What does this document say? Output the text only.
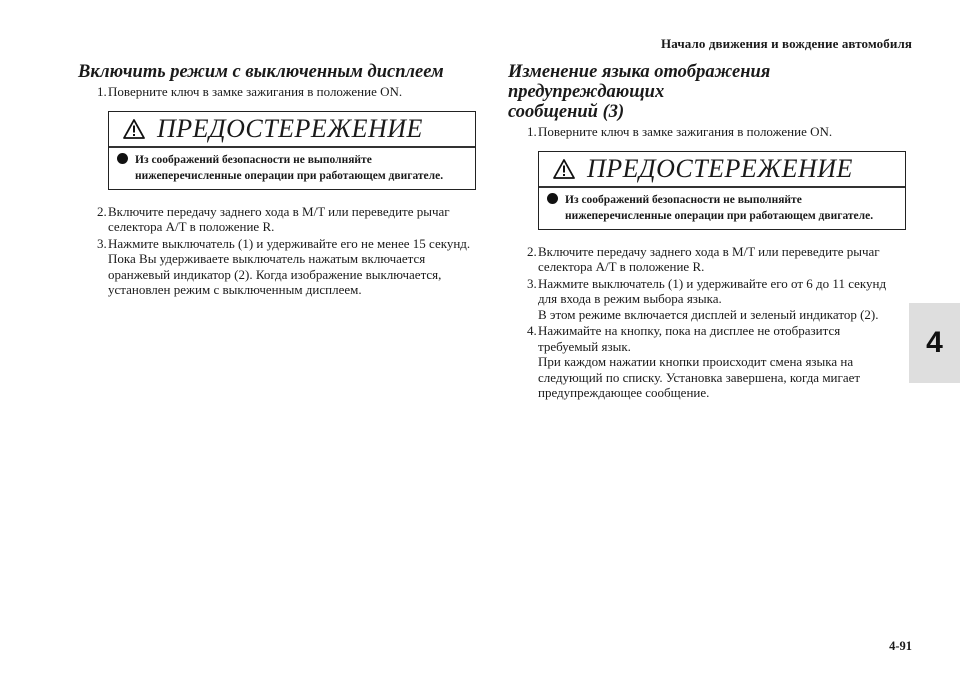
Начало движения и вождение автомобиля
4
4-91
Включить режим с выключенным дисплеем

1. Поверните ключ в замке зажигания в положение ON.

ПРЕДОСТЕРЕЖЕНИЕ
Из соображений безопасности не выполняйте
нижеперечисленные операции при работающем двигателе.

2. Включите передачу заднего хода в M/T или переведите рычаг
селектора A/T в положение R.

3. Нажмите выключатель (1) и удерживайте его не менее 15 секунд.
Пока Вы удерживаете выключатель нажатым включается
оранжевый индикатор (2). Когда изображение выключается,
установлен режим с выключенным дисплеем.

Изменение языка отображения предупреждающих
сообщений (3)

1. Поверните ключ в замке зажигания в положение ON.

ПРЕДОСТЕРЕЖЕНИЕ
Из соображений безопасности не выполняйте
нижеперечисленные операции при работающем двигателе.

2. Включите передачу заднего хода в M/T или переведите рычаг
селектора A/T в положение R.

3. Нажмите выключатель (1) и удерживайте его от 6 до 11 секунд
для входа в режим выбора языка.
В этом режиме включается дисплей и зеленый индикатор (2).

4. Нажимайте на кнопку, пока на дисплее не отобразится
требуемый язык.
При каждом нажатии кнопки происходит смена языка на
следующий по списку. Установка завершена, когда мигает
предупреждающее сообщение.
